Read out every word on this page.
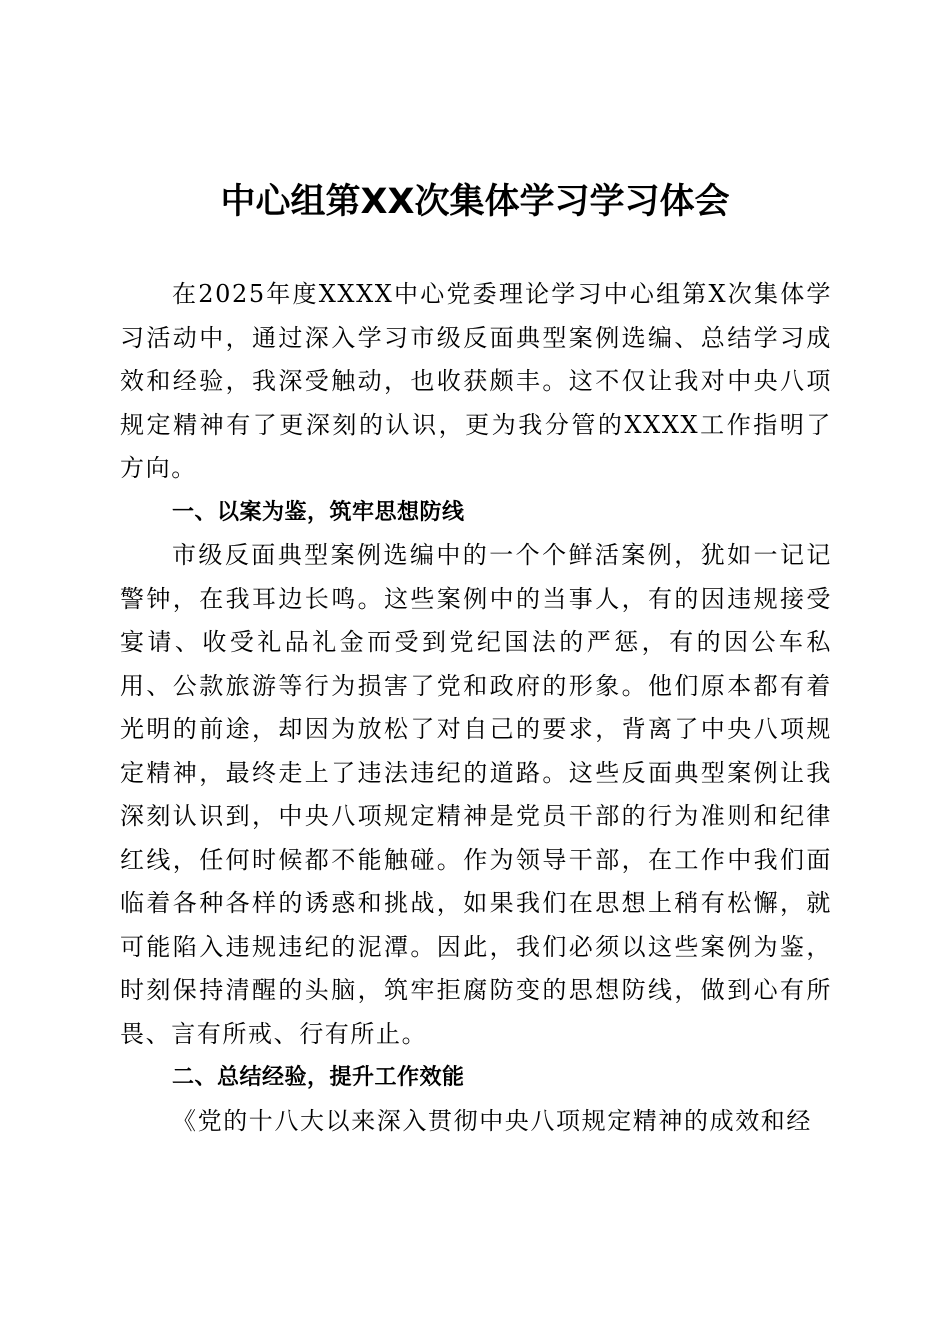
中心组第XX次集体学习学习体会

在2025年度XXXX中心党委理论学习中心组第X次集体学习活动中，通过深入学习市级反面典型案例选编、总结学习成效和经验，我深受触动，也收获颇丰。这不仅让我对中央八项规定精神有了更深刻的认识，更为我分管的XXXX工作指明了方向。

一、以案为鉴，筑牢思想防线

市级反面典型案例选编中的一个个鲜活案例，犹如一记记警钟，在我耳边长鸣。这些案例中的当事人，有的因违规接受宴请、收受礼品礼金而受到党纪国法的严惩，有的因公车私用、公款旅游等行为损害了党和政府的形象。他们原本都有着光明的前途，却因为放松了对自己的要求，背离了中央八项规定精神，最终走上了违法违纪的道路。这些反面典型案例让我深刻认识到，中央八项规定精神是党员干部的行为准则和纪律红线，任何时候都不能触碰。作为领导干部，在工作中我们面临着各种各样的诱惑和挑战，如果我们在思想上稍有松懈，就可能陷入违规违纪的泥潭。因此，我们必须以这些案例为鉴，时刻保持清醒的头脑，筑牢拒腐防变的思想防线，做到心有所畏、言有所戒、行有所止。

二、总结经验，提升工作效能

《党的十八大以来深入贯彻中央八项规定精神的成效和经
